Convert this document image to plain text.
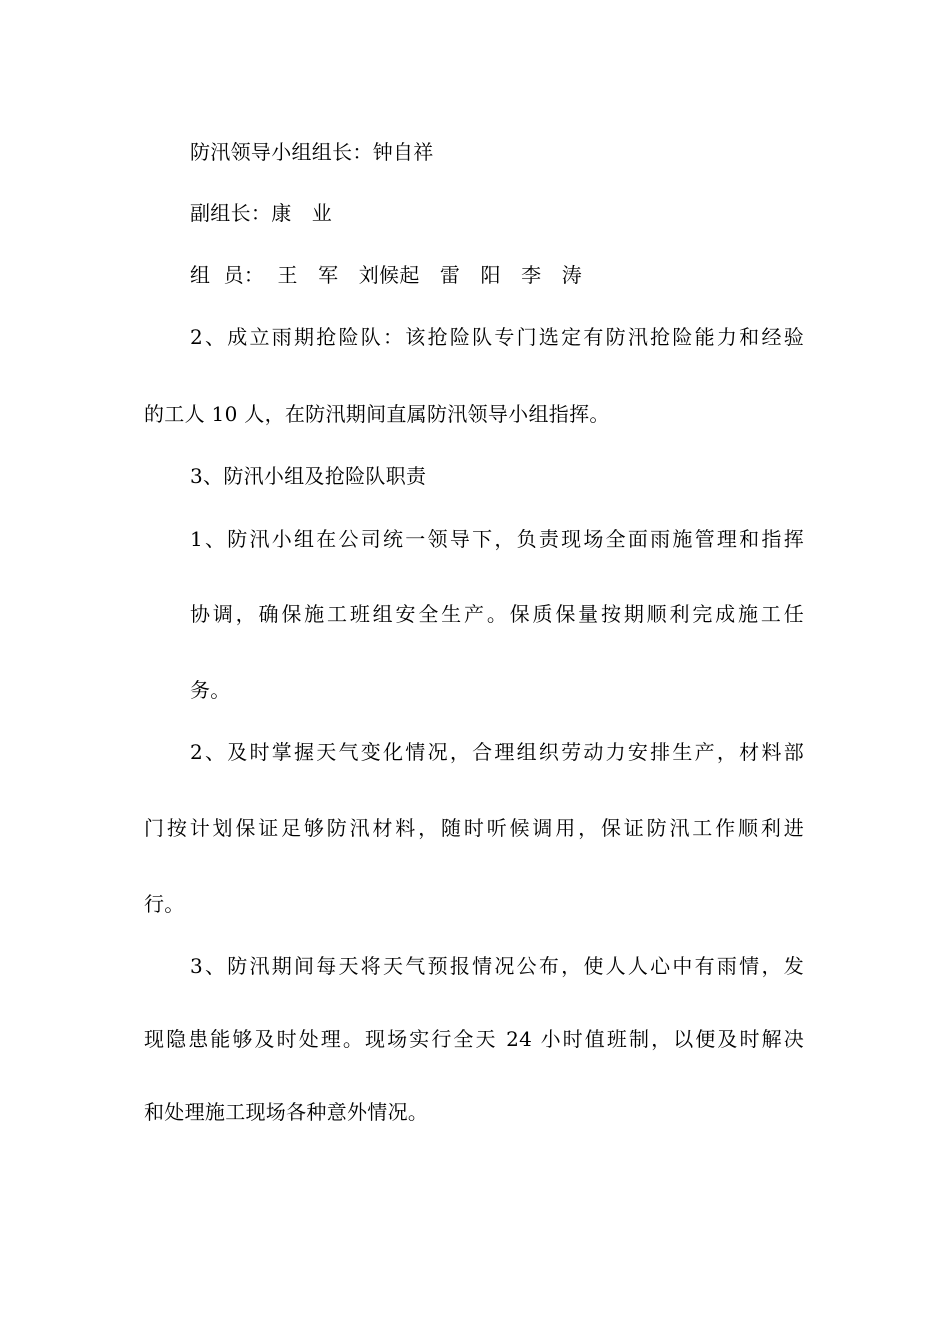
防汛领导小组组长：钟自祥

副组长：康　业

组  员：  王　军　刘候起　雷　阳　李　涛

2、成立雨期抢险队：该抢险队专门选定有防汛抢险能力和经验

的工人 10 人，在防汛期间直属防汛领导小组指挥。

3、防汛小组及抢险队职责

1、防汛小组在公司统一领导下，负责现场全面雨施管理和指挥

协调，确保施工班组安全生产。保质保量按期顺利完成施工任

务。

2、及时掌握天气变化情况，合理组织劳动力安排生产，材料部

门按计划保证足够防汛材料，随时听候调用，保证防汛工作顺利进

行。

3、防汛期间每天将天气预报情况公布，使人人心中有雨情，发

现隐患能够及时处理。现场实行全天 24 小时值班制，以便及时解决

和处理施工现场各种意外情况。
